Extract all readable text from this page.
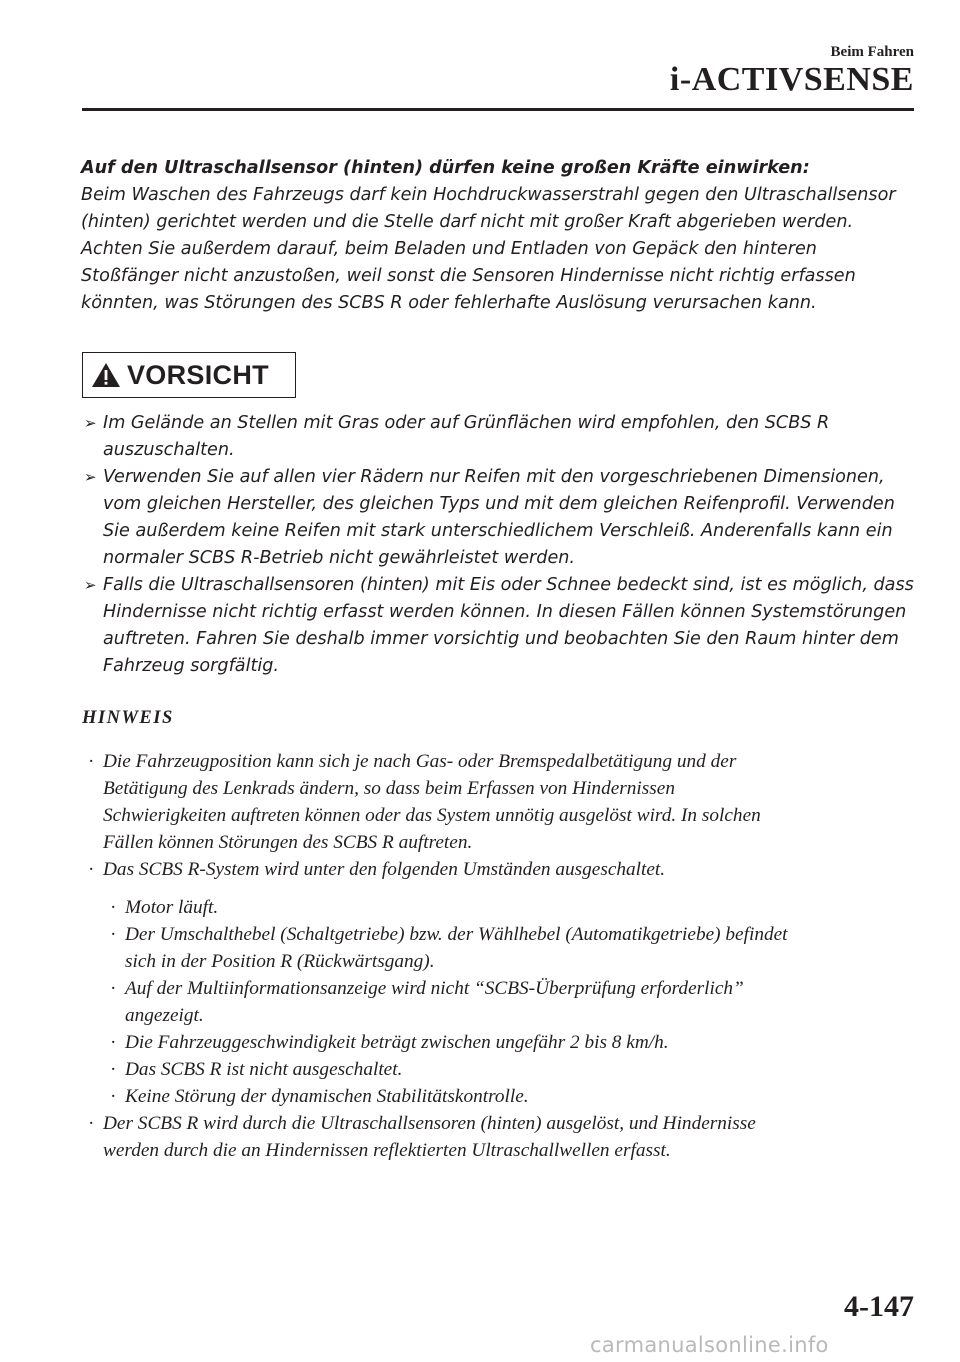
Beim Fahren
i-ACTIVSENSE

Auf den Ultraschallsensor (hinten) dürfen keine großen Kräfte einwirken:

Beim Waschen des Fahrzeugs darf kein Hochdruckwasserstrahl gegen den Ultraschallsensor

(hinten) gerichtet werden und die Stelle darf nicht mit großer Kraft abgerieben werden.

Achten Sie außerdem darauf, beim Beladen und Entladen von Gepäck den hinteren

Stoßfänger nicht anzustoßen, weil sonst die Sensoren Hindernisse nicht richtig erfassen

könnten, was Störungen des SCBS R oder fehlerhafte Auslösung verursachen kann.

VORSICHT
➢ Im Gelände an Stellen mit Gras oder auf Grünflächen wird empfohlen, den SCBS R
auszuschalten.
➢ Verwenden Sie auf allen vier Rädern nur Reifen mit den vorgeschriebenen Dimensionen,
vom gleichen Hersteller, des gleichen Typs und mit dem gleichen Reifenprofil. Verwenden
Sie außerdem keine Reifen mit stark unterschiedlichem Verschleiß. Anderenfalls kann ein
normaler SCBS R-Betrieb nicht gewährleistet werden.
➢ Falls die Ultraschallsensoren (hinten) mit Eis oder Schnee bedeckt sind, ist es möglich, dass
Hindernisse nicht richtig erfasst werden können. In diesen Fällen können Systemstörungen
auftreten. Fahren Sie deshalb immer vorsichtig und beobachten Sie den Raum hinter dem
Fahrzeug sorgfältig.
HINWEIS
· Die Fahrzeugposition kann sich je nach Gas- oder Bremspedalbetätigung und der
Betätigung des Lenkrads ändern, so dass beim Erfassen von Hindernissen
Schwierigkeiten auftreten können oder das System unnötig ausgelöst wird. In solchen
Fällen können Störungen des SCBS R auftreten.
· Das SCBS R-System wird unter den folgenden Umständen ausgeschaltet.
· Motor läuft.
· Der Umschalthebel (Schaltgetriebe) bzw. der Wählhebel (Automatikgetriebe) befindet
sich in der Position R (Rückwärtsgang).
· Auf der Multiinformationsanzeige wird nicht “SCBS-Überprüfung erforderlich”
angezeigt.
· Die Fahrzeuggeschwindigkeit beträgt zwischen ungefähr 2 bis 8 km/h.
· Das SCBS R ist nicht ausgeschaltet.
· Keine Störung der dynamischen Stabilitätskontrolle.
· Der SCBS R wird durch die Ultraschallsensoren (hinten) ausgelöst, und Hindernisse
werden durch die an Hindernissen reflektierten Ultraschallwellen erfasst.
4-147
carmanualsonline.info
